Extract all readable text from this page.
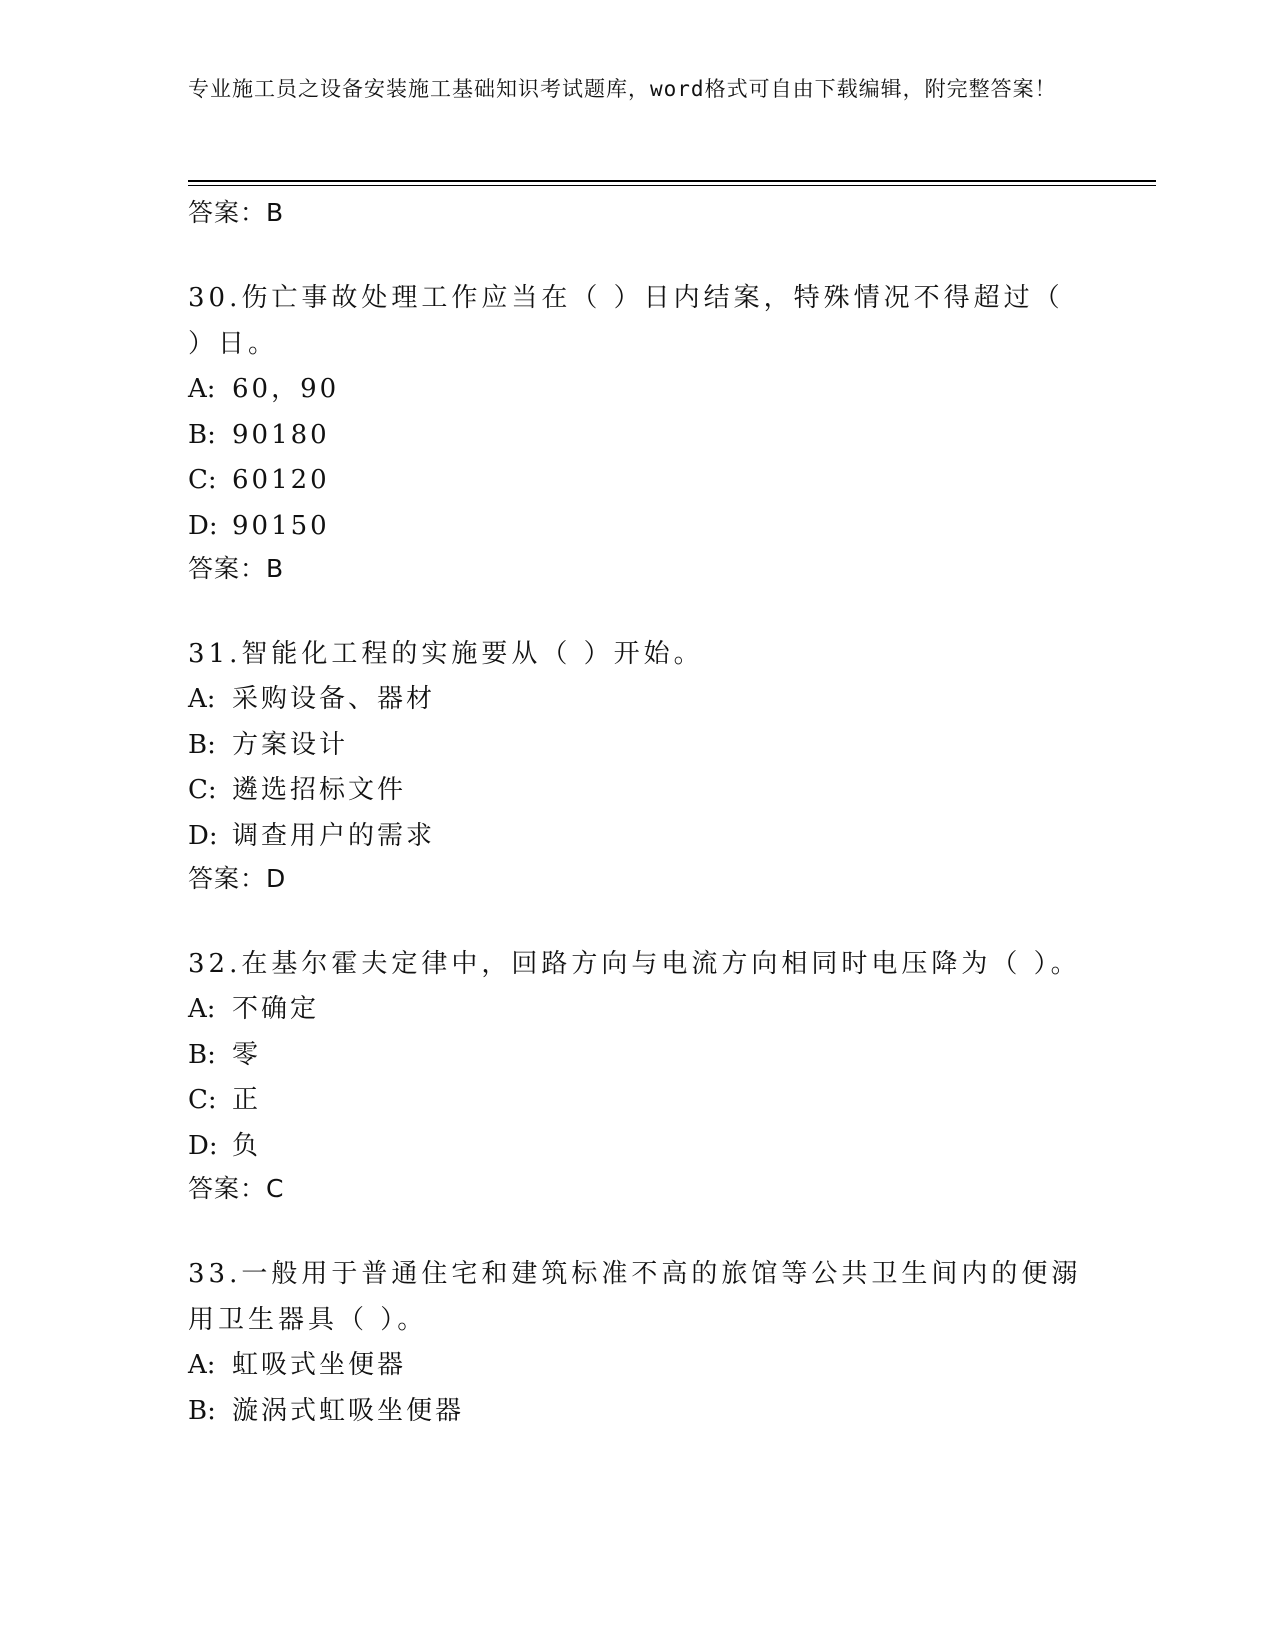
专业施工员之设备安装施工基础知识考试题库，word格式可自由下载编辑，附完整答案！
答案：B
30.伤亡事故处理工作应当在（ ）日内结案，特殊情况不得超过（ ）日。
A: 60，90
B: 90180
C: 60120
D: 90150
答案：B
31.智能化工程的实施要从（ ）开始。
A: 采购设备、器材
B: 方案设计
C: 遴选招标文件
D: 调查用户的需求
答案：D
32.在基尔霍夫定律中，回路方向与电流方向相同时电压降为（ ）。
A: 不确定
B: 零
C: 正
D: 负
答案：C
33.一般用于普通住宅和建筑标准不高的旅馆等公共卫生间内的便溺用卫生器具（ ）。
A: 虹吸式坐便器
B: 漩涡式虹吸坐便器
